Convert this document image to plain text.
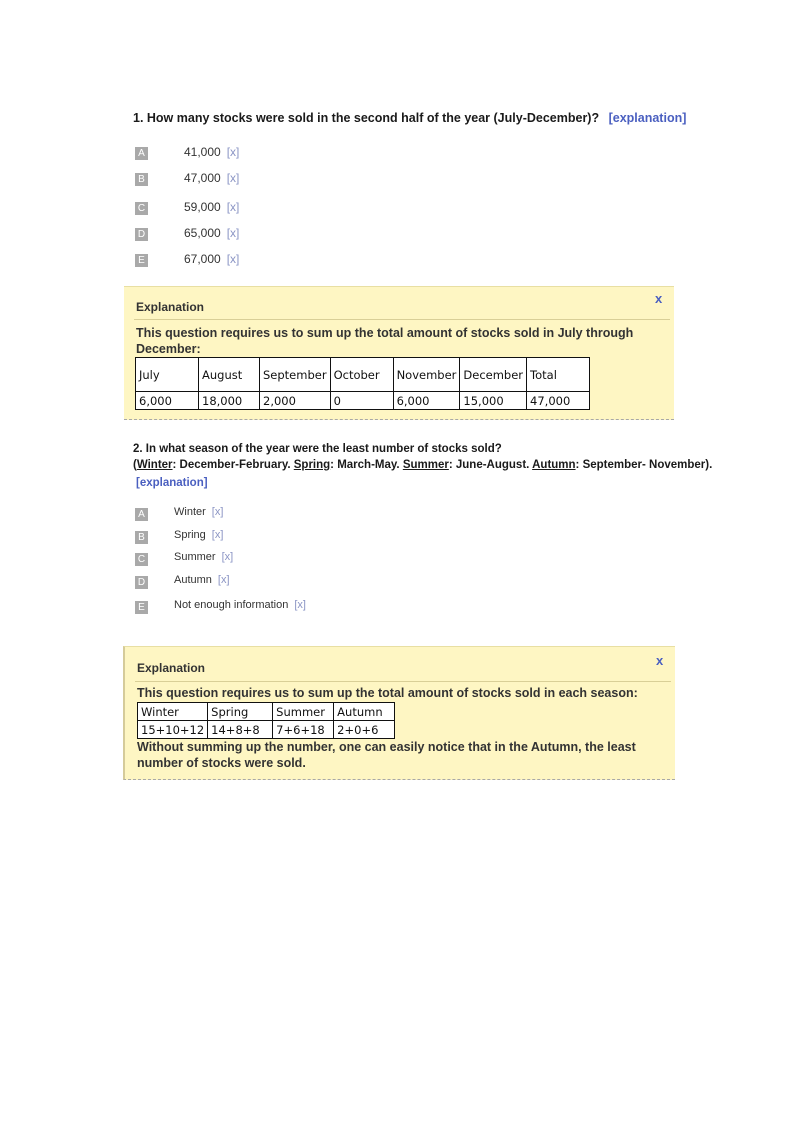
1. How many stocks were sold in the second half of the year (July-December)? [explanation]
A	41,000 [x]
B	47,000 [x]
C	59,000 [x]
D	65,000 [x]
E	67,000 [x]
Explanation
x
This question requires us to sum up the total amount of stocks sold in July through December:
July	August	September	October	November	December	Total
6,000	18,000	2,000	0	6,000	15,000	47,000
2. In what season of the year were the least number of stocks sold?
(Winter: December-February. Spring: March-May. Summer: June-August. Autumn: September- November).
[explanation]
A	Winter [x]
B	Spring [x]
C	Summer [x]
D	Autumn [x]
E	Not enough information [x]
Explanation	x
This question requires us to sum up the total amount of stocks sold in each season:
Winter	Spring	Summer	Autumn
15+10+12	14+8+8	7+6+18	2+0+6
Without summing up the number, one can easily notice that in the Autumn, the least number of stocks were sold.
